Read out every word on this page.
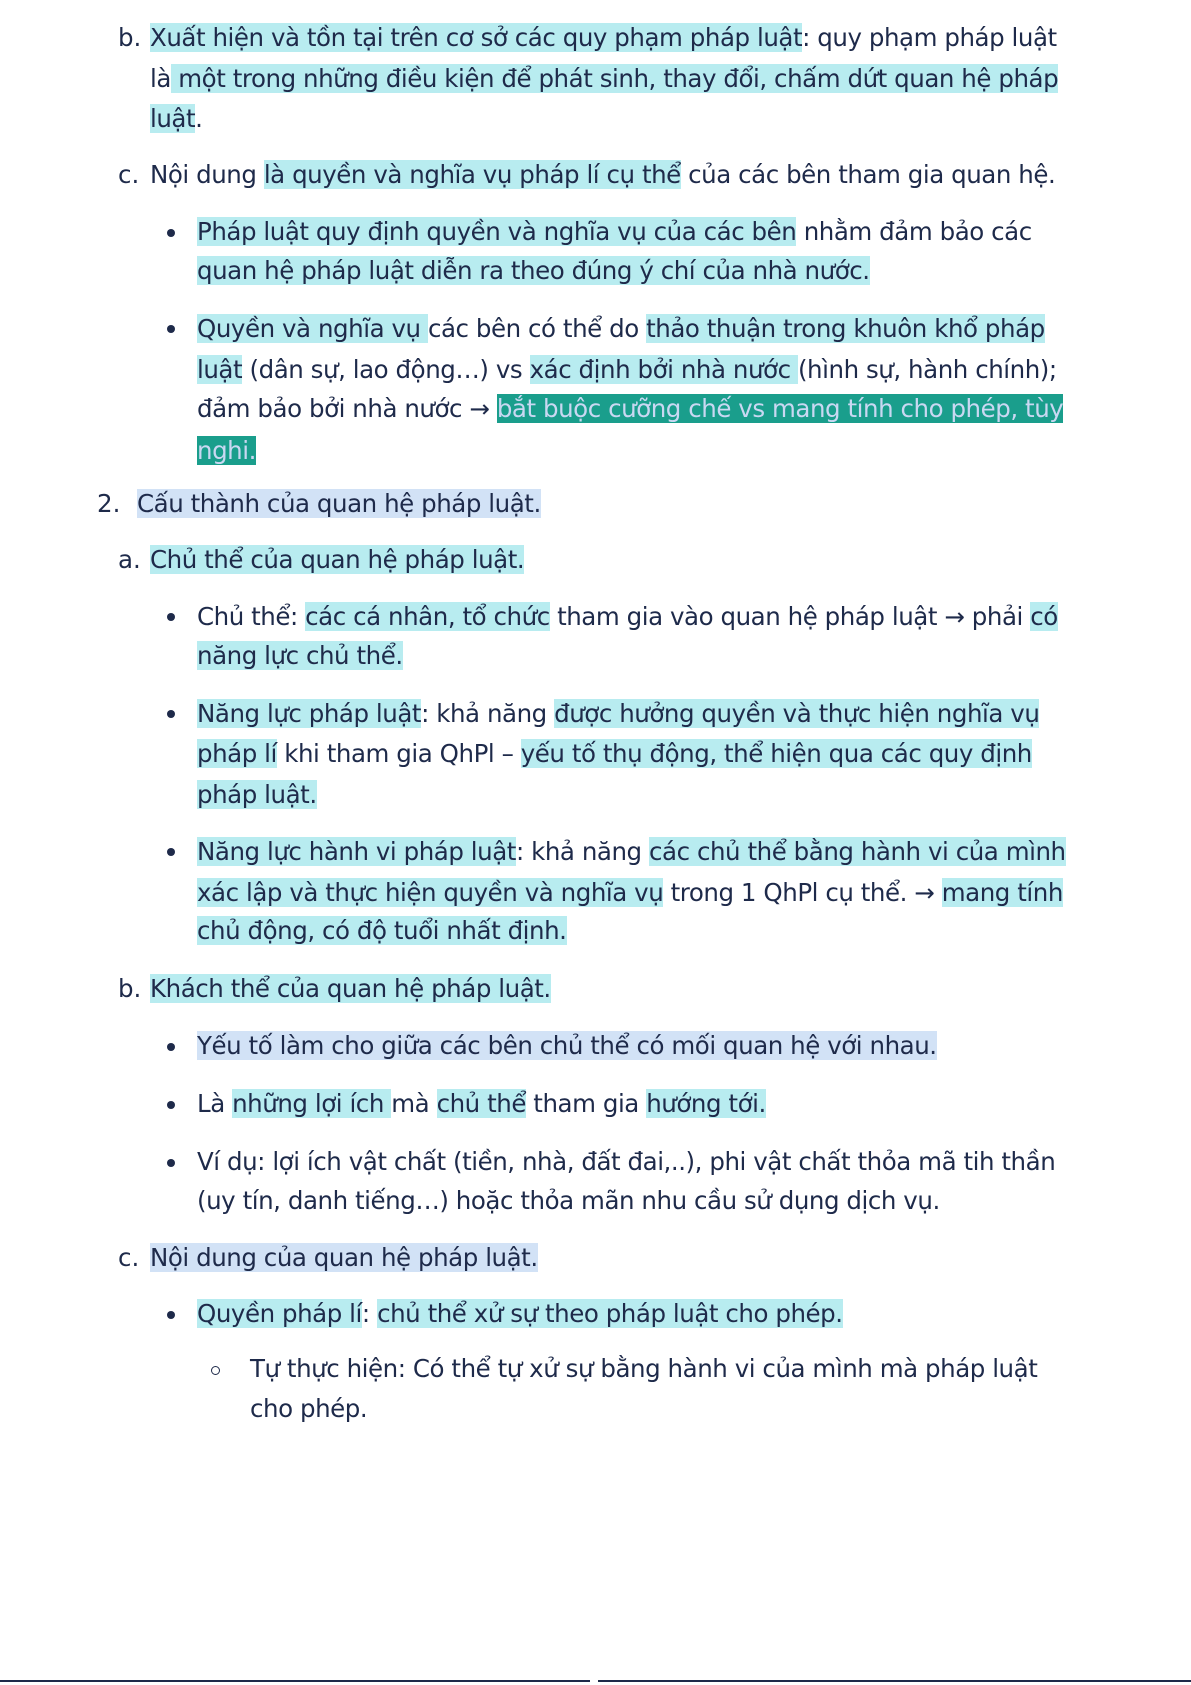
b.
c.
2.
a.
b.
c.
Xuất hiện và tồn tại trên cơ sở các quy phạm pháp luật: quy phạm pháp luật
là một trong những điều kiện để phát sinh, thay đổi, chấm dứt quan hệ pháp
luật.
Nội dung là quyền và nghĩa vụ pháp lí cụ thể của các bên tham gia quan hệ.
Pháp luật quy định quyền và nghĩa vụ của các bên nhằm đảm bảo các
quan hệ pháp luật diễn ra theo đúng ý chí của nhà nước.
Quyền và nghĩa vụ các bên có thể do thảo thuận trong khuôn khổ pháp
luật (dân sự, lao động…) vs xác định bởi nhà nước (hình sự, hành chính);
đảm bảo bởi nhà nước → bắt buộc cưỡng chế vs mang tính cho phép, tùy
nghi.
Cấu thành của quan hệ pháp luật.
Chủ thể của quan hệ pháp luật.
Chủ thể: các cá nhân, tổ chức tham gia vào quan hệ pháp luật → phải có
năng lực chủ thể.
Năng lực pháp luật: khả năng được hưởng quyền và thực hiện nghĩa vụ
pháp lí khi tham gia QhPl – yếu tố thụ động, thể hiện qua các quy định
pháp luật.
Năng lực hành vi pháp luật: khả năng các chủ thể bằng hành vi của mình
xác lập và thực hiện quyền và nghĩa vụ trong 1 QhPl cụ thể. → mang tính
chủ động, có độ tuổi nhất định.
Khách thể của quan hệ pháp luật.
Yếu tố làm cho giữa các bên chủ thể có mối quan hệ với nhau.
Là những lợi ích mà chủ thể tham gia hướng tới.
Ví dụ: lợi ích vật chất (tiền, nhà, đất đai,..), phi vật chất thỏa mã tih thần
(uy tín, danh tiếng…) hoặc thỏa mãn nhu cầu sử dụng dịch vụ.
Nội dung của quan hệ pháp luật.
Quyền pháp lí: chủ thể xử sự theo pháp luật cho phép.
Tự thực hiện: Có thể tự xử sự bằng hành vi của mình mà pháp luật
cho phép.
